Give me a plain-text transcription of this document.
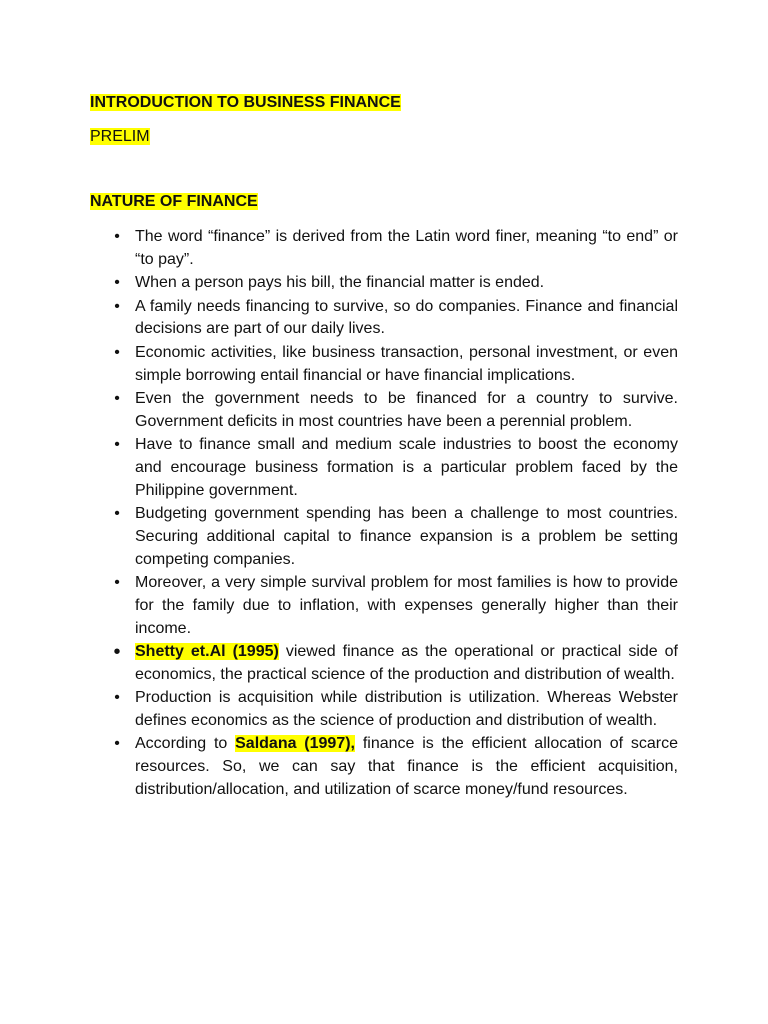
INTRODUCTION TO BUSINESS FINANCE

PRELIM

NATURE OF FINANCE

• The word “finance” is derived from the Latin word finer, meaning “to end” or “to pay”.
• When a person pays his bill, the financial matter is ended.
• A family needs financing to survive, so do companies. Finance and financial decisions are part of our daily lives.
• Economic activities, like business transaction, personal investment, or even simple borrowing entail financial or have financial implications.
• Even the government needs to be financed for a country to survive. Government deficits in most countries have been a perennial problem.
• Have to finance small and medium scale industries to boost the economy and encourage business formation is a particular problem faced by the Philippine government.
• Budgeting government spending has been a challenge to most countries. Securing additional capital to finance expansion is a problem be setting competing companies.
• Moreover, a very simple survival problem for most families is how to provide for the family due to inflation, with expenses generally higher than their income.
• Shetty et.Al (1995) viewed finance as the operational or practical side of economics, the practical science of the production and distribution of wealth.
• Production is acquisition while distribution is utilization. Whereas Webster defines economics as the science of production and distribution of wealth.
• According to Saldana (1997), finance is the efficient allocation of scarce resources. So, we can say that finance is the efficient acquisition, distribution/allocation, and utilization of scarce money/fund resources.
